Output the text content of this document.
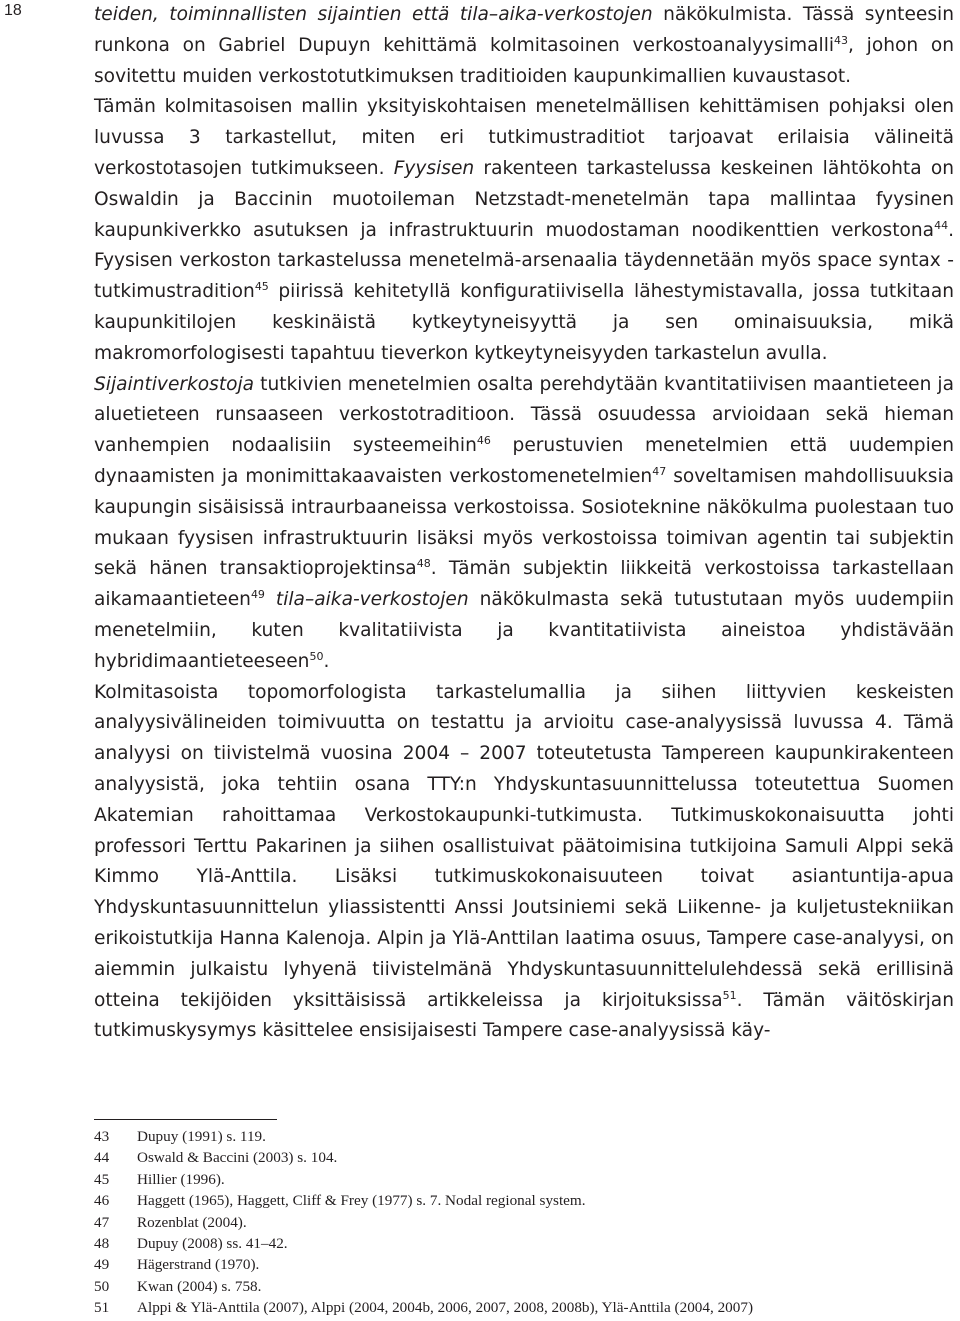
18	teiden, toiminnallisten sijaintien että tila–aika-verkostojen näkökulmista. Tässä synteesin runkona on Gabriel Dupuyn kehittämä kolmitasoinen verkostoanalyysimalli$^{43}$, johon on sovitettu muiden verkostotutkimuksen traditioiden kaupunkimallien kuvaustasot.

Tämän kolmitasoisen mallin yksityiskohtaisen menetelmällisen kehittämisen pohjaksi olen luvussa 3 tarkastellut, miten eri tutkimustraditiot tarjoavat erilaisia välineitä verkostotasojen tutkimukseen. Fyysisen rakenteen tarkastelussa keskeinen lähtökohta on Oswaldin ja Baccinin muotoileman Netzstadt-menetelmän tapa mallintaa fyysinen kaupunkiverkko asutuksen ja infrastruktuurin muodostaman noodikenttien verkostona$^{44}$. Fyysisen verkoston tarkastelussa menetelmä-arsenaalia täydennetään myös space syntax -tutkimustradition$^{45}$ piirissä kehitetyllä konfiguratiivisella lähestymistavalla, jossa tutkitaan kaupunkitilojen keskinäistä kytkeytyneisyyttä ja sen ominaisuuksia, mikä makromorfologisesti tapahtuu tieverkon kytkeytyneisyyden tarkastelun avulla.

Sijaintiverkostoja tutkivien menetelmien osalta perehdytään kvantitatiivisen maantieteen ja aluetieteen runsaaseen verkostotraditioon. Tässä osuudessa arvioidaan sekä hieman vanhempien nodaalisiin systeemeihin$^{46}$ perustuvien menetelmien että uudempien dynaamisten ja monimittakaavaisten verkostomenetelmien$^{47}$ soveltamisen mahdollisuuksia kaupungin sisäisissä intraurbaaneissa verkostoissa. Sosioteknine näkökulma puolestaan tuo mukaan fyysisen infrastruktuurin lisäksi myös verkostoissa toimivan agentin tai subjektin sekä hänen transaktioprojektinsa$^{48}$. Tämän subjektin liikkeitä verkostoissa tarkastellaan aikamaantieteen$^{49}$ tila–aika-verkostojen näkökulmasta sekä tutustutaan myös uudempiin menetelmiin, kuten kvalitatiivista ja kvantitatiivista aineistoa yhdistävään hybridimaantieteeseen$^{50}$.

Kolmitasoista topomorfologista tarkastelumallia ja siihen liittyvien keskeisten analyysivälineiden toimivuutta on testattu ja arvioitu case-analyysissä luvussa 4. Tämä analyysi on tiivistelmä vuosina 2004 – 2007 toteutetusta Tampereen kaupunkirakenteen analyysistä, joka tehtiin osana TTY:n Yhdyskuntasuunnittelussa toteutettua Suomen Akatemian rahoittamaa Verkostokaupunki-tutkimusta. Tutkimuskokonaisuutta johti professori Terttu Pakarinen ja siihen osallistuivat päätoimisina tutkijoina Samuli Alppi sekä Kimmo Ylä-Anttila. Lisäksi tutkimuskokonaisuuteen toivat asiantuntija-apua Yhdyskuntasuunnittelun yliassistentti Anssi Joutsiniemi sekä Liikenne- ja kuljetustekniikan erikoistutkija Hanna Kalenoja. Alpin ja Ylä-Anttilan laatima osuus, Tampere case-analyysi, on aiemmin julkaistu lyhyenä tiivistelmänä Yhdyskuntasuunnittelulehdessä sekä erillisinä otteina tekijöiden yksittäisissä artikkeleissa ja kirjoituksissa$^{51}$. Tämän väitöskirjan tutkimuskysymys käsittelee ensisijaisesti Tampere case-analyysissä käy-

43	Dupuy (1991) s. 119.
44	Oswald & Baccini (2003) s. 104.
45	Hillier (1996).
46	Haggett (1965), Haggett, Cliff & Frey (1977) s. 7. Nodal regional system.
47	Rozenblat (2004).
48	Dupuy (2008) ss. 41–42.
49	Hägerstrand (1970).
50	Kwan (2004) s. 758.
51	Alppi & Ylä-Anttila (2007), Alppi (2004, 2004b, 2006, 2007, 2008, 2008b), Ylä-Anttila (2004, 2007)
